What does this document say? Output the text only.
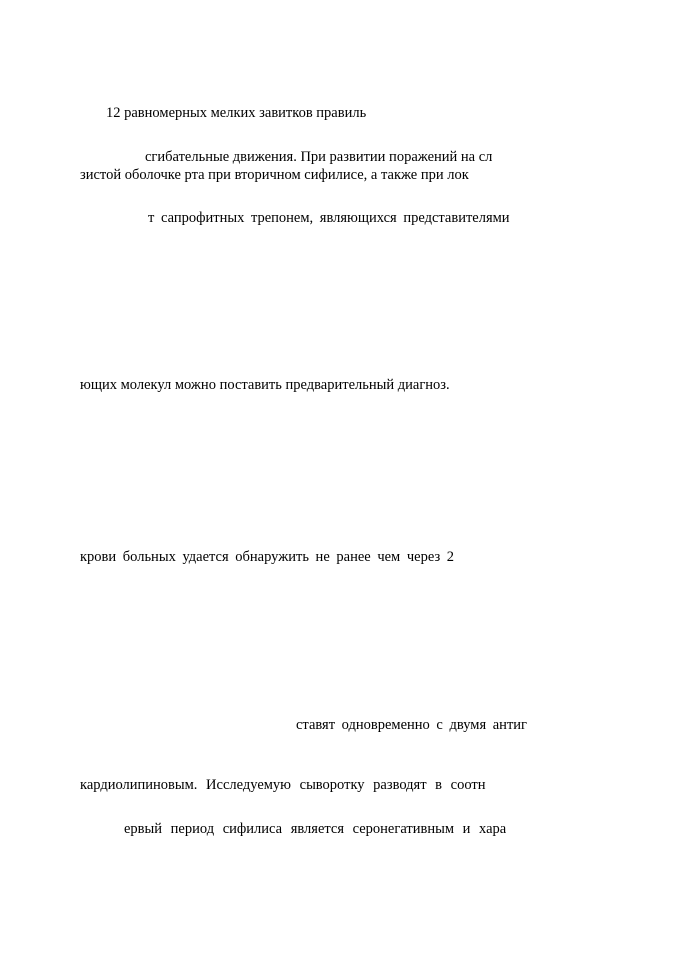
12 равномерных мелких завитков правиль
сгибательные движения. При развитии поражений на сл
зистой оболочке рта при вторичном сифилисе, а также при лок
т сапрофитных трепонем, являющихся представителями
ющих молекул можно поставить предварительный диагноз.
крови больных удается обнаружить не ранее чем через 2
ставят одновременно с двумя антиг
кардиолипиновым. Исследуемую сыворотку разводят в соотн
ервый период сифилиса является серонегативным и хара
